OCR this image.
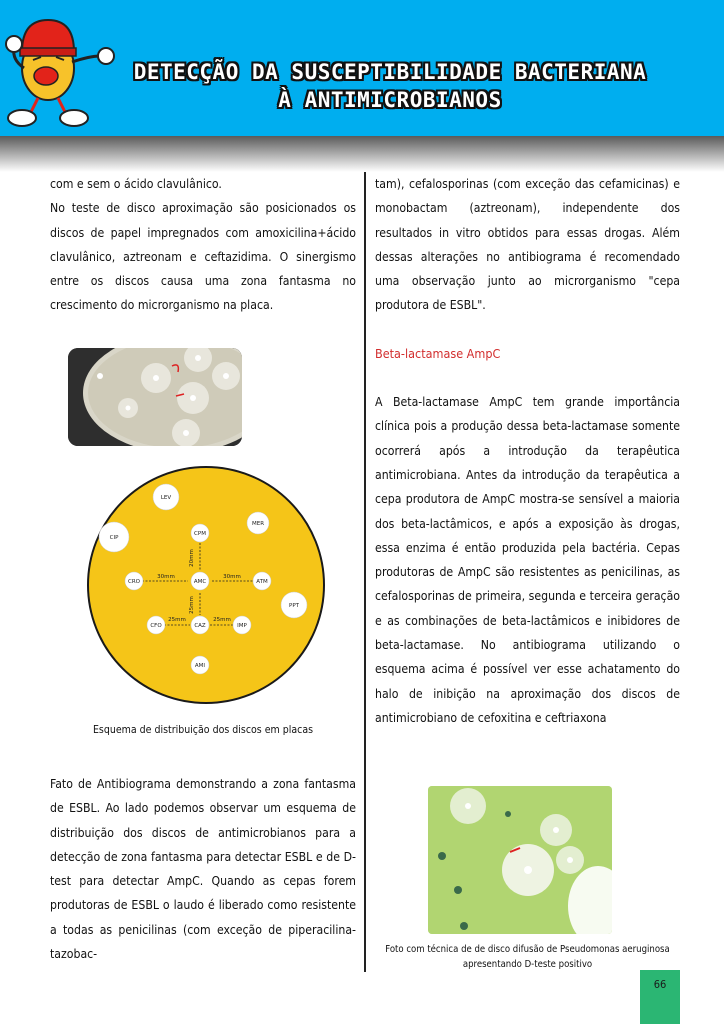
DETECÇÃO DA SUSCEPTIBILIDADE BACTERIANA
À ANTIMICROBIANOS

com e sem o ácido clavulânico.

No teste de disco aproximação são posicionados os discos de papel impregnados com amoxicilina+ácido clavulânico, aztreonam e ceftazidima. O sinergismo entre os discos causa uma zona fantasma no crescimento do microrganismo na placa.

20mm
30mm	30mm
25mm
25mm	25mm
LEV
CIP
MER
CPM
CRO	AMC	ATM
PPT
CFO	CAZ	IMP
AMI
Esquema de distribuição dos discos em placas
Fato de Antibiograma demonstrando a zona fantasma de ESBL. Ao lado podemos observar um esquema de distribuição dos discos de antimicrobianos para a detecção de zona fantasma para detectar ESBL e de D-test para detectar AmpC. Quando as cepas forem produtoras de ESBL o laudo é liberado como resistente a todas as penicilinas (com exceção de piperacilina-tazobac-

tam), cefalosporinas (com exceção das cefamicinas) e monobactam (aztreonam), independente dos resultados in vitro obtidos para essas drogas. Além dessas alterações no antibiograma é recomendado uma observação junto ao microrganismo "cepa produtora de ESBL".

Beta-lactamase AmpC

A Beta-lactamase AmpC tem grande importância clínica pois a produção dessa beta-lactamase somente ocorrerá após a introdução da terapêutica antimicrobiana. Antes da introdução da terapêutica a cepa produtora de AmpC mostra-se sensível a maioria dos beta-lactâmicos, e após a exposição às drogas, essa enzima é então produzida pela bactéria. Cepas produtoras de AmpC são resistentes as penicilinas, as cefalosporinas de primeira, segunda e terceira geração e as combinações de beta-lactâmicos e inibidores de beta-lactamase. No antibiograma utilizando o esquema acima é possível ver esse achatamento do halo de inibição na aproximação dos discos de antimicrobiano de cefoxitina e ceftriaxona

Foto com técnica de de disco difusão de Pseudomonas aeruginosa
apresentando D-teste positivo
66
